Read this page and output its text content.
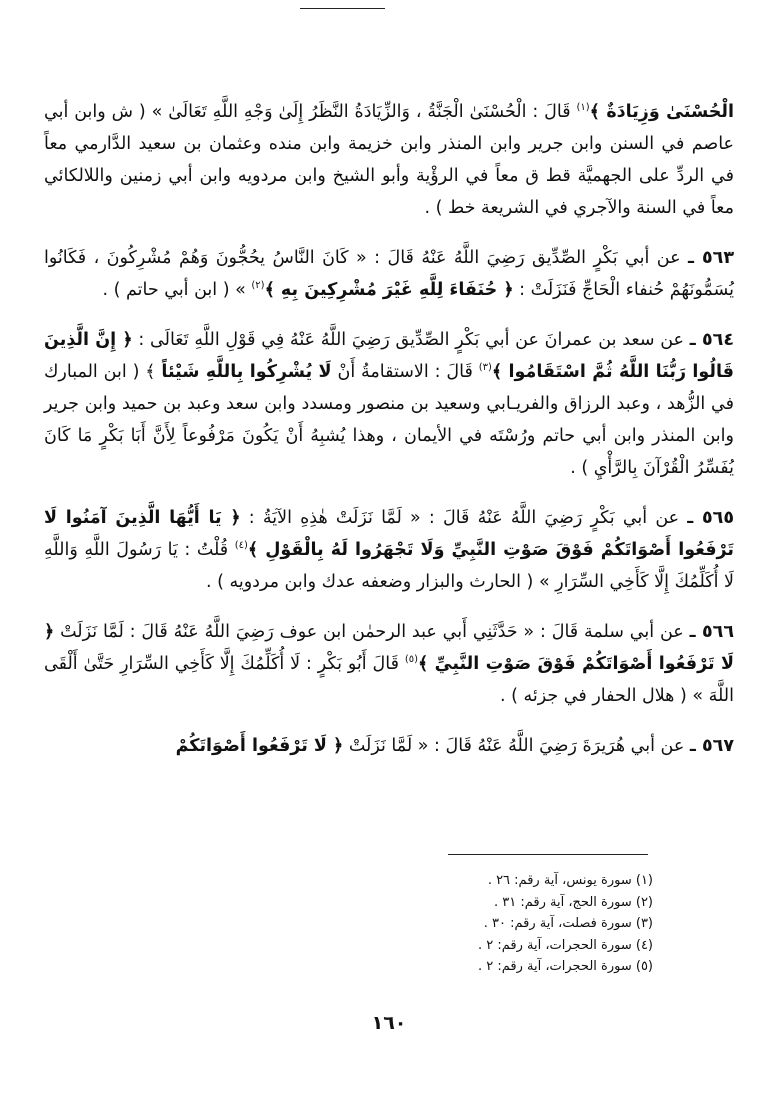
الْحُسْنَىٰ وَزِيَادَةٌ ﴾$^{(١)}$ قَالَ : الْحُسْنَىٰ الْجَنَّةُ ، وَالزِّيَادَةُ النَّظَرُ إِلَىٰ وَجْهِ اللَّهِ تَعَالَىٰ » ( ش وابن أبي عاصم في السنن وابن جرير وابن المنذر وابن خزيمة وابن منده وعثمان بن سعيد الدَّارمي معاً في الردِّ على الجهميَّة قط ق معاً في الرؤْية وأبو الشيخ وابن مردويه وابن أبي زمنين واللالكائي معاً في السنة والآجري في الشريعة خط ) .

٥٦٣ ـ عن أبي بَكْرٍ الصِّدِّيق رَضِيَ اللَّهُ عَنْهُ قَالَ : « كَانَ النَّاسُ يحُجُّونَ وَهُمْ مُشْرِكُونَ ، فَكَانُوا يُسَمُّونَهُمْ حُنفاء الْحَاجِّ فَنَزَلَتْ : ﴿ حُنَفَاءَ لِلَّهِ غَيْرَ مُشْرِكِينَ بِهِ ﴾$^{(٢)}$ » ( ابن أبي حاتم ) .

٥٦٤ ـ عن سعد بن عمرانَ عن أبي بَكْرٍ الصِّدِّيق رَضِيَ اللَّهُ عَنْهُ فِي قَوْلِ اللَّهِ تَعَالَى : ﴿ إِنَّ الَّذِينَ قَالُوا رَبُّنَا اللَّهُ ثُمَّ اسْتَقَامُوا ﴾$^{(٣)}$ قَالَ : الاستقامةُ أَنْ لَا يُشْرِكُوا بِاللَّهِ شَيْئاً ﴾ ( ابن المبارك في الزُّهد ، وعبد الرزاق والفريـابي وسعيد بن منصور ومسدد وابن سعد وعبد بن حميد وابن جرير وابن المنذر وابن أبي حاتم ورُسْتَه في الأيمان ، وهذا يُشبِهُ أَنْ يَكُونَ مَرْفُوعاً لِأَنَّ أَبَا بَكْرٍ مَا كَانَ يُفَسِّرُ الْقُرْآنَ بِالرَّأْيِ ) .

٥٦٥ ـ عن أبي بَكْرٍ رَضِيَ اللَّهُ عَنْهُ قَالَ : « لَمَّا نَزَلَتْ هٰذِهِ الآيَةُ : ﴿ يَا أَيُّهَا الَّذِينَ آمَنُوا لَا تَرْفَعُوا أَصْوَاتَكُمْ فَوْقَ صَوْتِ النَّبِيِّ وَلَا تَجْهَرُوا لَهُ بِالْقَوْلِ ﴾$^{(٤)}$ قُلْتُ : يَا رَسُولَ اللَّهِ وَاللَّهِ لَا أُكَلِّمُكَ إِلَّا كَأَخِي السِّرَارِ » ( الحارث والبزار وضعفه عدك وابن مردويه ) .

٥٦٦ ـ عن أبي سلمة قَالَ : « حَدَّثَنِي أَبي عبد الرحمٰن ابن عوف رَضِيَ اللَّهُ عَنْهُ قَالَ : لَمَّا نَزَلَتْ ﴿ لَا تَرْفَعُوا أَصْوَاتَكُمْ فَوْقَ صَوْتِ النَّبِيِّ ﴾$^{(٥)}$ قَالَ أَبُو بَكْرٍ : لَا أُكَلِّمُكَ إِلَّا كَأَخِي السِّرَارِ حَتَّىٰ أَلْقَى اللَّهَ » ( هلال الحفار في جزئه ) .

٥٦٧ ـ عن أبي هُرَيرَةَ رَضِيَ اللَّهُ عَنْهُ قَالَ : « لَمَّا نَزَلَتْ ﴿ لَا تَرْفَعُوا أَصْوَاتَكُمْ

(١) سورة يونس، آية رقم: ٢٦ .
(٢) سورة الحج، آية رقم: ٣١ .
(٣) سورة فصلت، آية رقم: ٣٠ .
(٤) سورة الحجرات، آية رقم: ٢ .
(٥) سورة الحجرات، آية رقم: ٢ .
١٦٠
